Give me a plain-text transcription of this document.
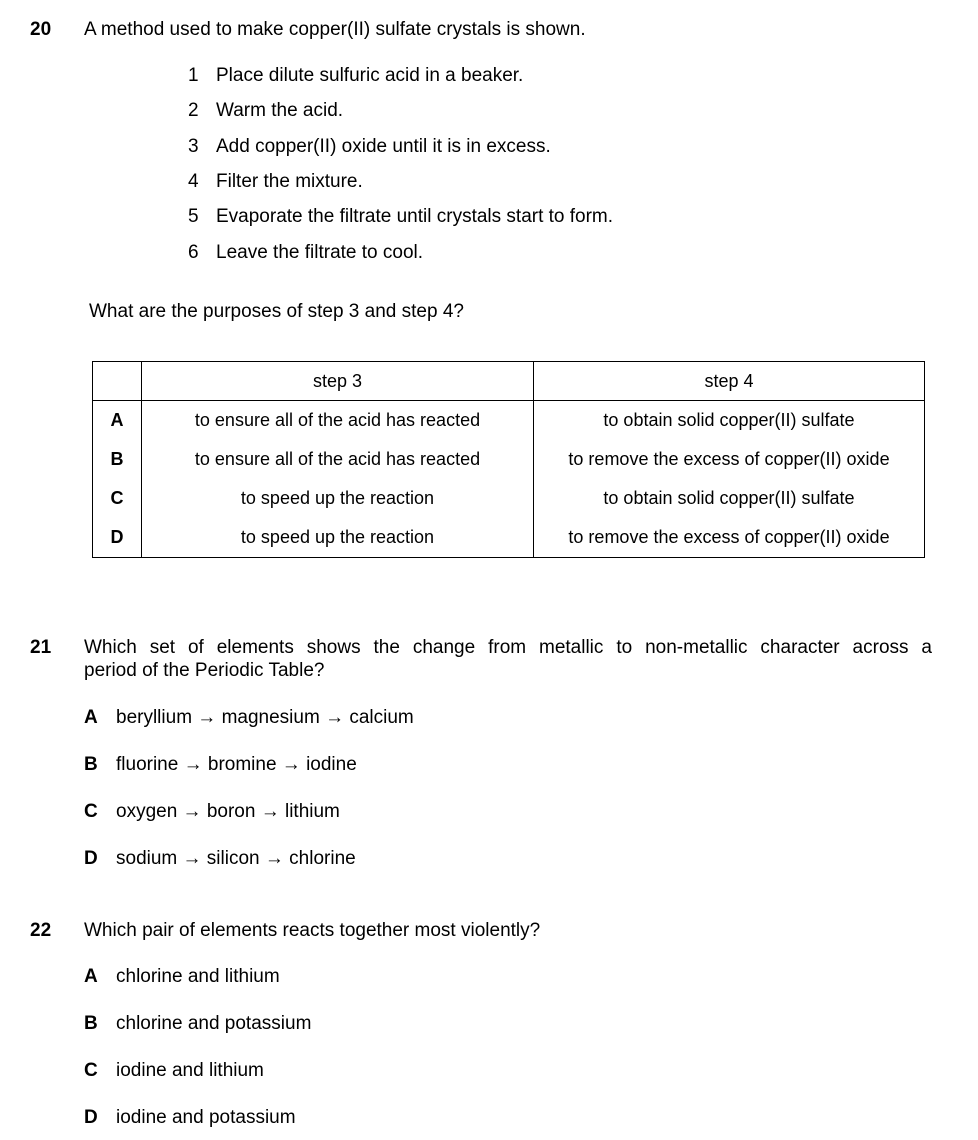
20 A method used to make copper(II) sulfate crystals is shown.
1 Place dilute sulfuric acid in a beaker.
2 Warm the acid.
3 Add copper(II) oxide until it is in excess.
4 Filter the mixture.
5 Evaporate the filtrate until crystals start to form.
6 Leave the filtrate to cool.
What are the purposes of step 3 and step 4?
	step 3	step 4
A	to ensure all of the acid has reacted	to obtain solid copper(II) sulfate
B	to ensure all of the acid has reacted	to remove the excess of copper(II) oxide
C	to speed up the reaction	to obtain solid copper(II) sulfate
D	to speed up the reaction	to remove the excess of copper(II) oxide
21 Which set of elements shows the change from metallic to non-metallic character across a
period of the Periodic Table?
A beryllium → magnesium → calcium
B fluorine → bromine → iodine
C oxygen → boron → lithium
D sodium → silicon → chlorine
22 Which pair of elements reacts together most violently?
A chlorine and lithium
B chlorine and potassium
C iodine and lithium
D iodine and potassium
